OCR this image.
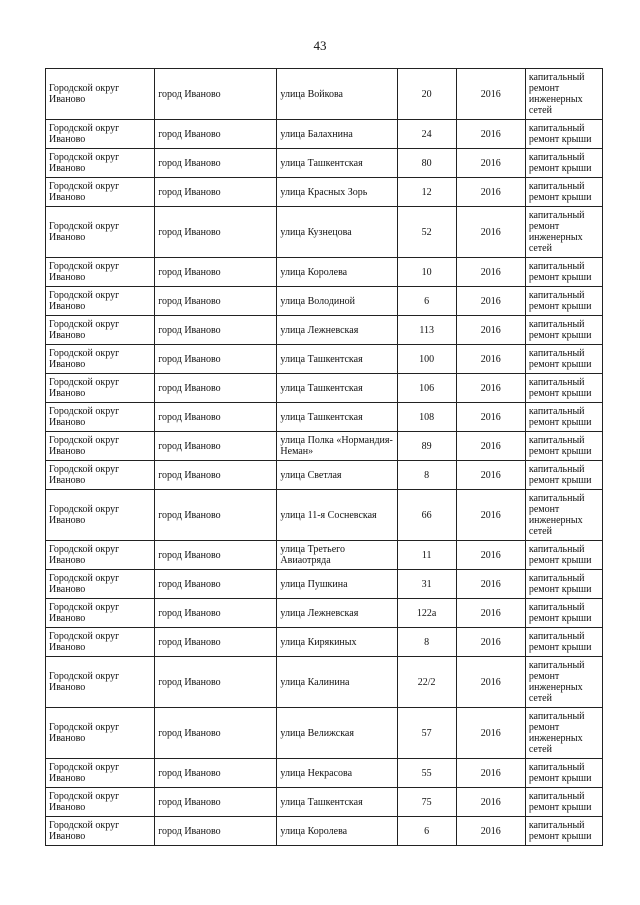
43
Городской округ Иваново	город Иваново	улица Войкова	20	2016	капитальный ремонт инженерных сетей
Городской округ Иваново	город Иваново	улица Балахнина	24	2016	капитальный ремонт крыши
Городской округ Иваново	город Иваново	улица Ташкентская	80	2016	капитальный ремонт крыши
Городской округ Иваново	город Иваново	улица Красных Зорь	12	2016	капитальный ремонт крыши
Городской округ Иваново	город Иваново	улица Кузнецова	52	2016	капитальный ремонт инженерных сетей
Городской округ Иваново	город Иваново	улица Королева	10	2016	капитальный ремонт крыши
Городской округ Иваново	город Иваново	улица Володиной	6	2016	капитальный ремонт крыши
Городской округ Иваново	город Иваново	улица Лежневская	113	2016	капитальный ремонт крыши
Городской округ Иваново	город Иваново	улица Ташкентская	100	2016	капитальный ремонт крыши
Городской округ Иваново	город Иваново	улица Ташкентская	106	2016	капитальный ремонт крыши
Городской округ Иваново	город Иваново	улица Ташкентская	108	2016	капитальный ремонт крыши
Городской округ Иваново	город Иваново	улица Полка «Нормандия-Неман»	89	2016	капитальный ремонт крыши
Городской округ Иваново	город Иваново	улица Светлая	8	2016	капитальный ремонт крыши
Городской округ Иваново	город Иваново	улица 11-я Сосневская	66	2016	капитальный ремонт инженерных сетей
Городской округ Иваново	город Иваново	улица Третьего Авиаотряда	11	2016	капитальный ремонт крыши
Городской округ Иваново	город Иваново	улица Пушкина	31	2016	капитальный ремонт крыши
Городской округ Иваново	город Иваново	улица Лежневская	122а	2016	капитальный ремонт крыши
Городской округ Иваново	город Иваново	улица Кирякиных	8	2016	капитальный ремонт крыши
Городской округ Иваново	город Иваново	улица Калинина	22/2	2016	капитальный ремонт инженерных сетей
Городской округ Иваново	город Иваново	улица Велижская	57	2016	капитальный ремонт инженерных сетей
Городской округ Иваново	город Иваново	улица Некрасова	55	2016	капитальный ремонт крыши
Городской округ Иваново	город Иваново	улица Ташкентская	75	2016	капитальный ремонт крыши
Городской округ Иваново	город Иваново	улица Королева	6	2016	капитальный ремонт крыши
